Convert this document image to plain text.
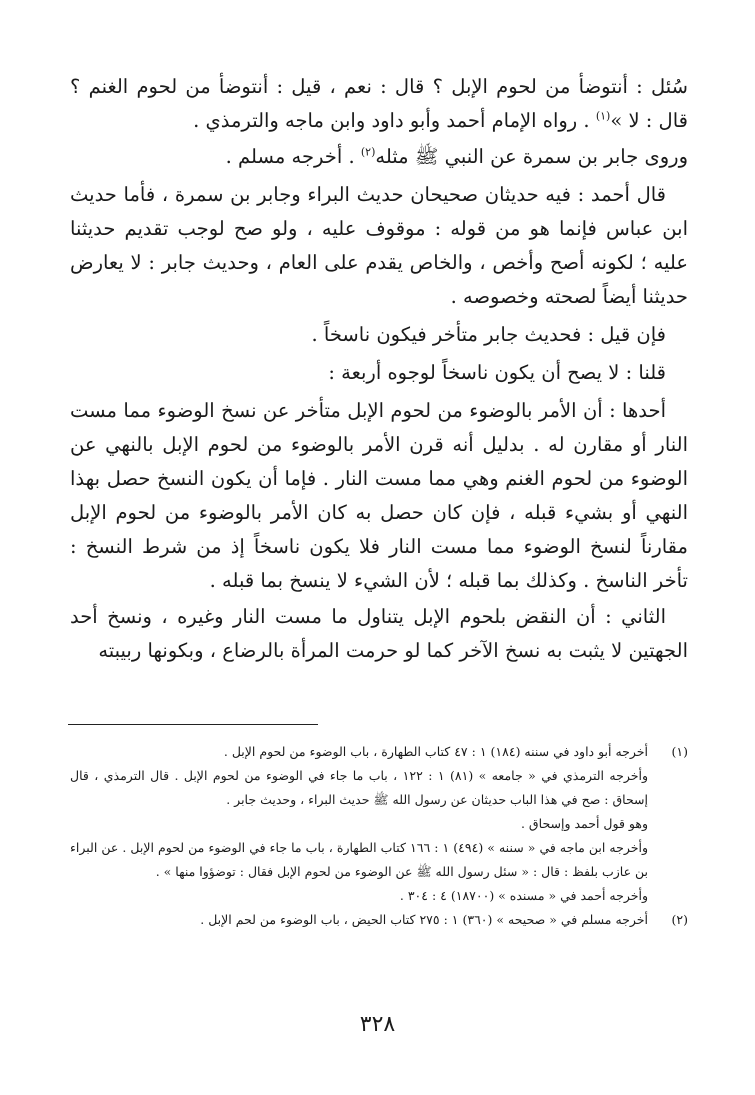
سُئل : أنتوضأ من لحوم الإبل ؟ قال : نعم ، قيل : أنتوضأ من لحوم الغنم ؟ قال : لا »$^{(١)}$ . رواه الإمام أحمد وأبو داود وابن ماجه والترمذي .

وروى جابر بن سمرة عن النبي ﷺ مثله$^{(٢)}$ . أخرجه مسلم .

قال أحمد : فيه حديثان صحيحان حديث البراء وجابر بن سمرة ، فأما حديث ابن عباس فإنما هو من قوله : موقوف عليه ، ولو صح لوجب تقديم حديثنا عليه ؛ لكونه أصح وأخص ، والخاص يقدم على العام ، وحديث جابر : لا يعارض حديثنا أيضاً لصحته وخصوصه .

فإن قيل : فحديث جابر متأخر فيكون ناسخاً .

قلنا : لا يصح أن يكون ناسخاً لوجوه أربعة :

أحدها : أن الأمر بالوضوء من لحوم الإبل متأخر عن نسخ الوضوء مما مست النار أو مقارن له . بدليل أنه قرن الأمر بالوضوء من لحوم الإبل بالنهي عن الوضوء من لحوم الغنم وهي مما مست النار . فإما أن يكون النسخ حصل بهذا النهي أو بشيء قبله ، فإن كان حصل به كان الأمر بالوضوء من لحوم الإبل مقارناً لنسخ الوضوء مما مست النار فلا يكون ناسخاً إذ من شرط النسخ : تأخر الناسخ . وكذلك بما قبله ؛ لأن الشيء لا ينسخ بما قبله .

الثاني : أن النقض بلحوم الإبل يتناول ما مست النار وغيره ، ونسخ أحد الجهتين لا يثبت به نسخ الآخر كما لو حرمت المرأة بالرضاع ، وبكونها ربيبته

(١)
أخرجه أبو داود في سننه (١٨٤) ١ : ٤٧ كتاب الطهارة ، باب الوضوء من لحوم الإبل .
وأخرجه الترمذي في « جامعه » (٨١) ١ : ١٢٢ ، باب ما جاء في الوضوء من لحوم الإبل . قال الترمذي ، قال إسحاق : صح في هذا الباب حديثان عن رسول الله ﷺ حديث البراء ، وحديث جابر .
وهو قول أحمد وإسحاق .
وأخرجه ابن ماجه في « سننه » (٤٩٤) ١ : ١٦٦ كتاب الطهارة ، باب ما جاء في الوضوء من لحوم الإبل . عن البراء بن عازب بلفظ : قال : « سئل رسول الله ﷺ عن الوضوء من لحوم الإبل فقال : توضؤوا منها » .
وأخرجه أحمد في « مسنده » (١٨٧٠٠) ٤ : ٣٠٤ .
(٢)
أخرجه مسلم في « صحيحه » (٣٦٠) ١ : ٢٧٥ كتاب الحيض ، باب الوضوء من لحم الإبل .
٣٢٨
